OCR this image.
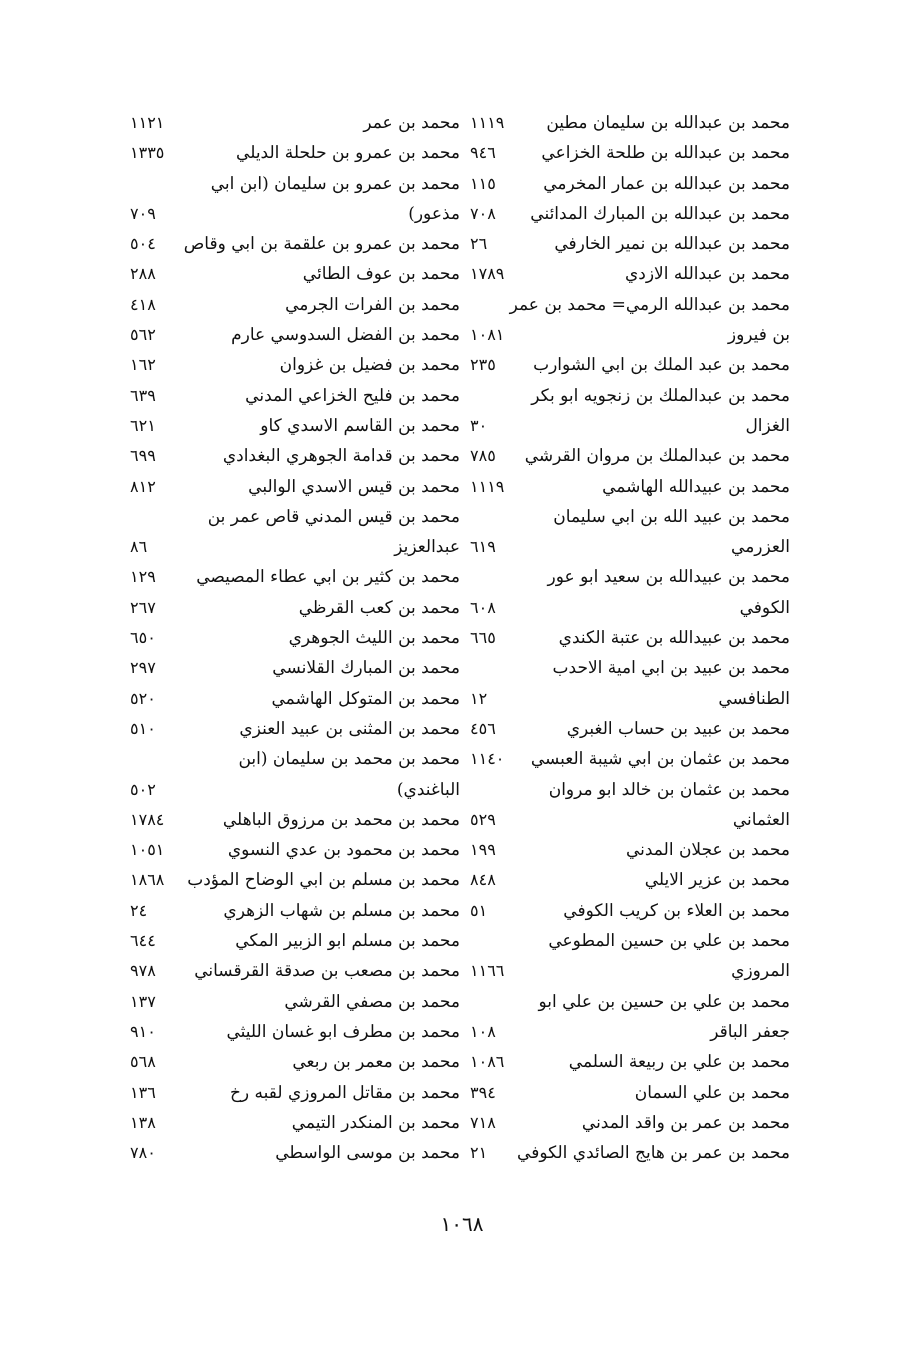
محمد بن عبدالله بن سليمان مطين
١١١٩
محمد بن عبدالله بن طلحة الخزاعي
٩٤٦
محمد بن عبدالله بن عمار المخرمي
١١٥
محمد بن عبدالله بن المبارك المدائني
٧٠٨
محمد بن عبدالله بن نمير الخارفي
٢٦
محمد بن عبدالله الازدي
١٧٨٩
محمد بن عبدالله الرمي= محمد بن عمر
بن فيروز
١٠٨١
محمد بن عبد الملك بن ابي الشوارب
٢٣٥
محمد بن عبدالملك بن زنجويه ابو بكر
الغزال
٣٠
محمد بن عبدالملك بن مروان القرشي
٧٨٥
محمد بن عبيدالله الهاشمي
١١١٩
محمد بن عبيد الله بن ابي سليمان
العزرمي
٦١٩
محمد بن عبيدالله بن سعيد ابو عور
الكوفي
٦٠٨
محمد بن عبيدالله بن عتبة الكندي
٦٦٥
محمد بن عبيد بن ابي امية الاحدب
الطنافسي
١٢
محمد بن عبيد بن حساب الغبري
٤٥٦
محمد بن عثمان بن ابي شيبة العبسي
١١٤٠
محمد بن عثمان بن خالد ابو مروان
العثماني
٥٢٩
محمد بن عجلان المدني
١٩٩
محمد بن عزير الايلي
٨٤٨
محمد بن العلاء بن كريب الكوفي
٥١
محمد بن علي بن حسين المطوعي
المروزي
١١٦٦
محمد بن علي بن حسين بن علي ابو
جعفر الباقر
١٠٨
محمد بن علي بن ربيعة السلمي
١٠٨٦
محمد بن علي السمان
٣٩٤
محمد بن عمر بن واقد المدني
٧١٨
محمد بن عمر بن هايج الصائدي الكوفي
٢١
محمد بن عمر
١١٢١
محمد بن عمرو بن حلحلة الديلي
١٣٣٥
محمد بن عمرو بن سليمان (ابن ابي
مذعور)
٧٠٩
محمد بن عمرو بن علقمة بن ابي وقاص
٥٠٤
محمد بن عوف الطائي
٢٨٨
محمد بن الفرات الجرمي
٤١٨
محمد بن الفضل السدوسي عارم
٥٦٢
محمد بن فضيل بن غزوان
١٦٢
محمد بن فليح الخزاعي المدني
٦٣٩
محمد بن القاسم الاسدي كاو
٦٢١
محمد بن قدامة الجوهري البغدادي
٦٩٩
محمد بن قيس الاسدي الوالبي
٨١٢
محمد بن قيس المدني قاص عمر بن
عبدالعزيز
٨٦
محمد بن كثير بن ابي عطاء المصيصي
١٢٩
محمد بن كعب القرظي
٢٦٧
محمد بن الليث الجوهري
٦٥٠
محمد بن المبارك القلانسي
٢٩٧
محمد بن المتوكل الهاشمي
٥٢٠
محمد بن المثنى بن عبيد العنزي
٥١٠
محمد بن محمد بن سليمان (ابن
الباغندي)
٥٠٢
محمد بن محمد بن مرزوق الباهلي
١٧٨٤
محمد بن محمود بن عدي النسوي
١٠٥١
محمد بن مسلم بن ابي الوضاح المؤدب
١٨٦٨
محمد بن مسلم بن شهاب الزهري
٢٤
محمد بن مسلم ابو الزبير المكي
٦٤٤
محمد بن مصعب بن صدقة القرقساني
٩٧٨
محمد بن مصفي القرشي
١٣٧
محمد بن مطرف ابو غسان الليثي
٩١٠
محمد بن معمر بن ربعي
٥٦٨
محمد بن مقاتل المروزي لقبه رخ
١٣٦
محمد بن المنكدر التيمي
١٣٨
محمد بن موسى الواسطي
٧٨٠
١٠٦٨
